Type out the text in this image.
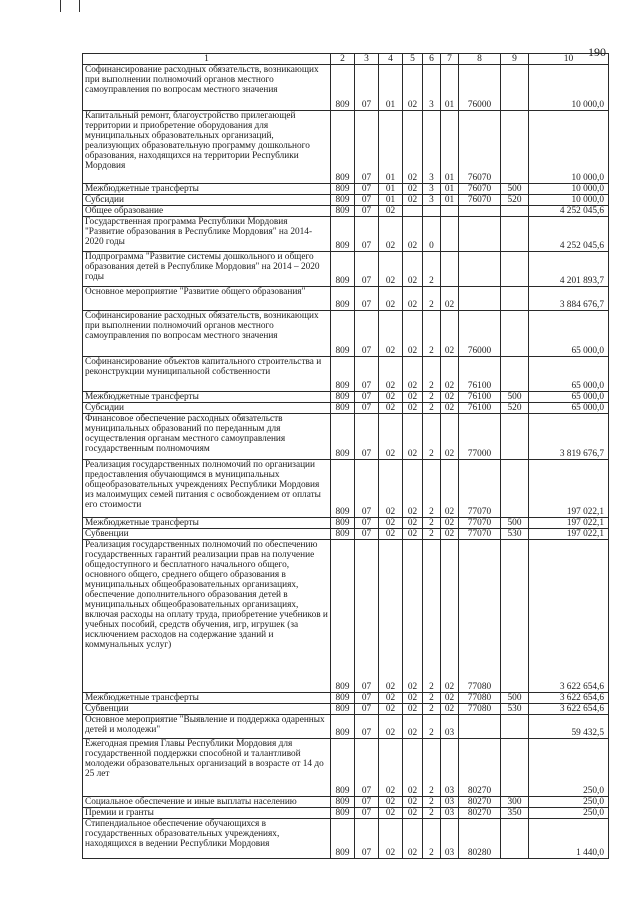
190
1	2	3	4	5	6	7	8	9	10
Софинансирование расходных обязательств, возникающих при выполнении полномочий органов местного самоуправления по вопросам местного значения	809	07	01	02	3	01	76000		10 000,0
Капитальный ремонт, благоустройство прилегающей территории и приобретение оборудования для муниципальных образовательных организаций, реализующих образовательную программу дошкольного образования, находящихся на территории Республики Мордовия	809	07	01	02	3	01	76070		10 000,0
Межбюджетные трансферты	809	07	01	02	3	01	76070	500	10 000,0
Субсидии	809	07	01	02	3	01	76070	520	10 000,0
Общее образование	809	07	02						4 252 045,6
Государственная программа Республики Мордовия "Развитие образования в Республике Мордовия" на 2014-2020 годы	809	07	02	02	0				4 252 045,6
Подпрограмма "Развитие системы дошкольного и общего образования детей в Республике Мордовия" на 2014 – 2020 годы	809	07	02	02	2				4 201 893,7
Основное мероприятие "Развитие общего образования"	809	07	02	02	2	02			3 884 676,7
Софинансирование расходных обязательств, возникающих при выполнении полномочий органов местного самоуправления по вопросам местного значения	809	07	02	02	2	02	76000		65 000,0
Софинансирование объектов капитального строительства и реконструкции муниципальной собственности	809	07	02	02	2	02	76100		65 000,0
Межбюджетные трансферты	809	07	02	02	2	02	76100	500	65 000,0
Субсидии	809	07	02	02	2	02	76100	520	65 000,0
Финансовое обеспечение расходных обязательств муниципальных образований по переданным для осуществления органам местного самоуправления государственным полномочиям	809	07	02	02	2	02	77000		3 819 676,7
Реализация государственных полномочий по организации предоставления обучающимся в муниципальных общеобразовательных учреждениях Республики Мордовия из малоимущих семей питания с освобождением от оплаты его стоимости	809	07	02	02	2	02	77070		197 022,1
Межбюджетные трансферты	809	07	02	02	2	02	77070	500	197 022,1
Субвенции	809	07	02	02	2	02	77070	530	197 022,1
Реализация государственных полномочий по обеспечению государственных гарантий реализации прав на получение общедоступного и бесплатного начального общего, основного общего, среднего общего образования в муниципальных общеобразовательных организациях, обеспечение дополнительного образования детей в муниципальных общеобразовательных организациях, включая расходы на оплату труда, приобретение учебников и учебных пособий, средств обучения, игр, игрушек (за исключением расходов на содержание зданий и коммунальных услуг)	809	07	02	02	2	02	77080		3 622 654,6
Межбюджетные трансферты	809	07	02	02	2	02	77080	500	3 622 654,6
Субвенции	809	07	02	02	2	02	77080	530	3 622 654,6
Основное мероприятие "Выявление и поддержка одаренных детей и молодежи"	809	07	02	02	2	03			59 432,5
Ежегодная премия Главы Республики Мордовия для государственной поддержки способной и талантливой молодежи образовательных организаций в возрасте от 14 до 25 лет	809	07	02	02	2	03	80270		250,0
Социальное обеспечение и иные выплаты населению	809	07	02	02	2	03	80270	300	250,0
Премии и гранты	809	07	02	02	2	03	80270	350	250,0
Стипендиальное обеспечение обучающихся в государственных образовательных учреждениях, находящихся в ведении Республики Мордовия	809	07	02	02	2	03	80280		1 440,0
